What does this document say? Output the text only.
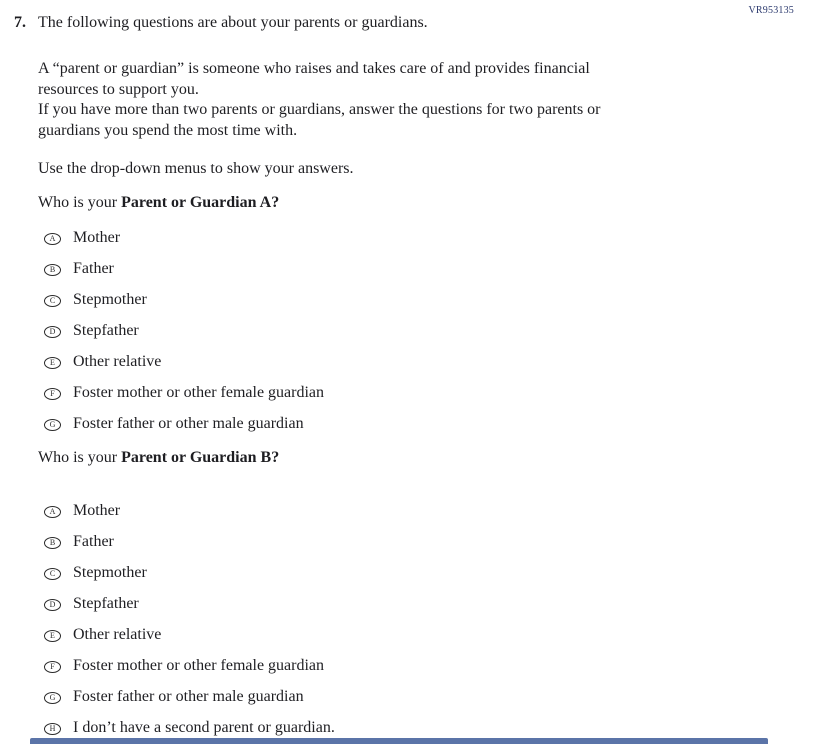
VR953135
7. The following questions are about your parents or guardians.
A “parent or guardian” is someone who raises and takes care of and provides financial
resources to support you.
If you have more than two parents or guardians, answer the questions for two parents or
guardians you spend the most time with.
Use the drop-down menus to show your answers.
Who is your Parent or Guardian A?
A Mother
B Father
C Stepmother
D Stepfather
E Other relative
F Foster mother or other female guardian
G Foster father or other male guardian
Who is your Parent or Guardian B?
A Mother
B Father
C Stepmother
D Stepfather
E Other relative
F Foster mother or other female guardian
G Foster father or other male guardian
H I don’t have a second parent or guardian.
